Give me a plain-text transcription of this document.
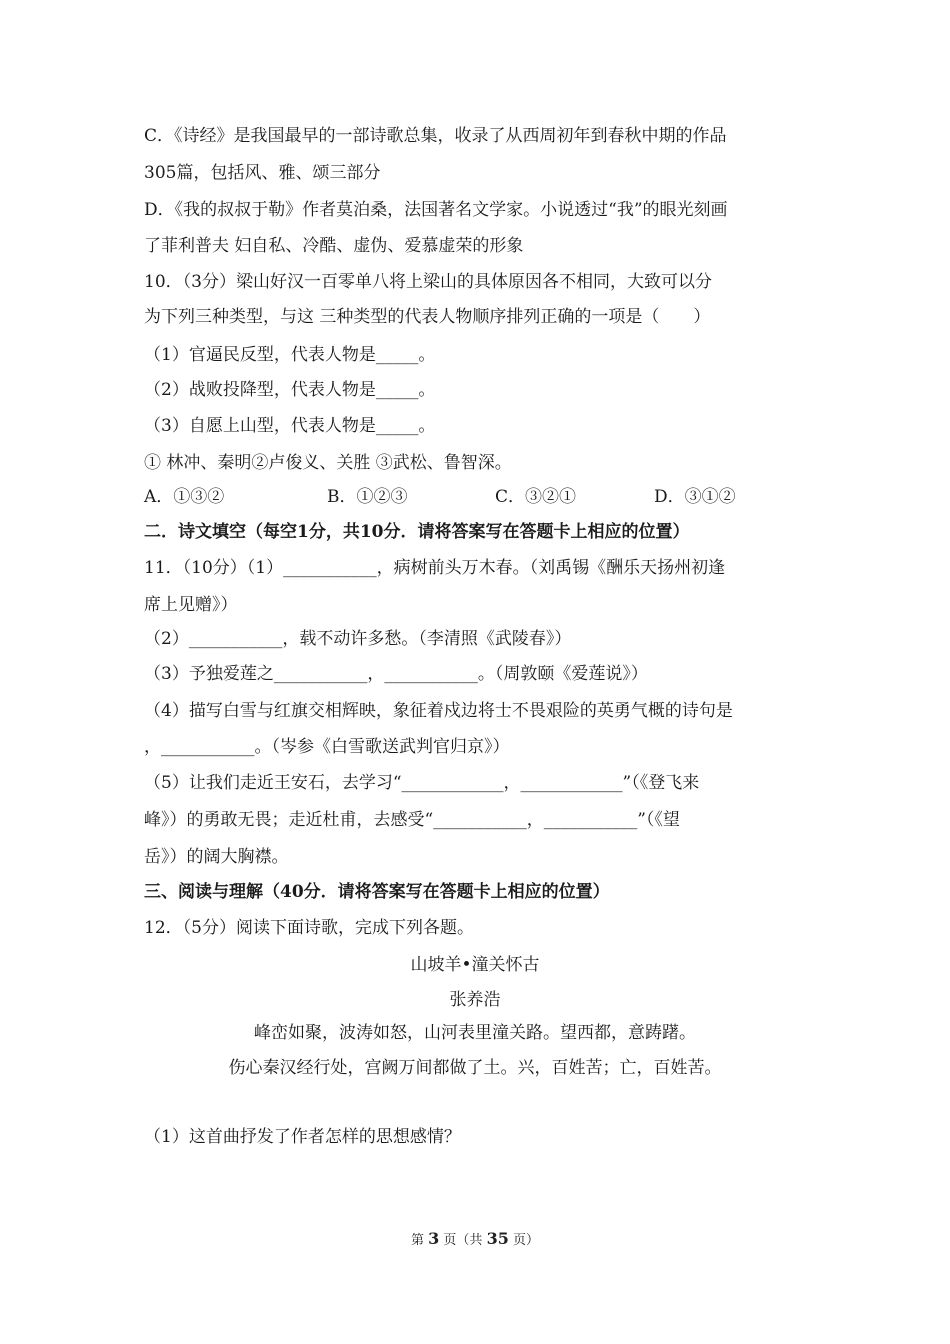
C．《诗经》是我国最早的一部诗歌总集，收录了从西周初年到春秋中期的作品
305篇，包括风、雅、颂三部分
D．《我的叔叔于勒》作者莫泊桑，法国著名文学家。小说透过“我”的眼光刻画
了菲利普夫 妇自私、冷酷、虚伪、爱慕虚荣的形象
10．（3分）梁山好汉一百零单八将上梁山的具体原因各不相同，大致可以分
为下列三种类型，与这 三种类型的代表人物顺序排列正确的一项是（　　）
（1）官逼民反型，代表人物是_____。
（2）战败投降型，代表人物是_____。
（3）自愿上山型，代表人物是_____。
① 林冲、秦明②卢俊义、关胜 ③武松、鲁智深。
A．①③②	B．①②③	C．③②①	D．③①②
二．诗文填空（每空1分，共10分．请将答案写在答题卡上相应的位置）
11．（10分）（1）___________，病树前头万木春。（刘禹锡《酬乐天扬州初逢
席上见赠》）
（2）___________，载不动许多愁。（李清照《武陵春》）
（3）予独爱莲之___________，___________。（周敦颐《爱莲说》）
（4）描写白雪与红旗交相辉映，象征着戍边将士不畏艰险的英勇气概的诗句是
，___________。（岑参《白雪歌送武判官归京》）
（5）让我们走近王安石，去学习“____________，____________”（《登飞来
峰》）的勇敢无畏；走近杜甫，去感受“___________，___________”（《望
岳》）的阔大胸襟。
三、阅读与理解（40分．请将答案写在答题卡上相应的位置）
12．（5分）阅读下面诗歌，完成下列各题。
山坡羊•潼关怀古
张养浩
峰峦如聚，波涛如怒，山河表里潼关路。望西都，意踌躇。
伤心秦汉经行处，宫阙万间都做了土。兴，百姓苦；亡，百姓苦。
（1）这首曲抒发了作者怎样的思想感情？
第 3 页（共 35 页）
